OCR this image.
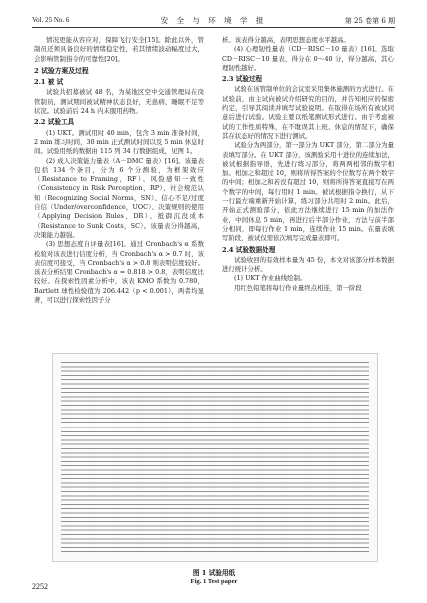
Vol. 25 No. 6	安 全 与 环 境 学 报	第 25 卷第 6 期

情况更能从容应对，保障飞行安全[15]。除此以外，管制员还须具备良好的情绪稳定性，若其情绪波动幅度过大，会影响管制指令的可靠性[20]。

2 试验方案及过程
2.1 被 试

试验共招募被试 48 名，为某地区空中交通管理局在岗管制员，测试期间被试精神状态良好，无患病、睡眠不足等状况。试验前后 24 h 内未服用药物。

2.2 试验工具

(1) UKT。测试用时 40 min，包含 3 min 准备时间，2 min 练习时间，30 min 正式测试时间以及 5 min 休息时间。试验用纸的数据由 115 列 34 行数据组成，见图 1。

(2) 成人决策能力量表（A－DMC 量表）[16]。该量表包括 134 个条目，分为 6 个分测验，为框架效应（Resistance to Framing，RF）、风险感知一致性（Consistency in Risk Perception，RP）、社会规范认知（Recognizing Social Norms，SN）、信心不足/过度自信（Under/overconfidence，UOC）、决策规则的使用（Applying Decision Rules，DR）、抵御沉没成本（Resistance to Sunk Costs，SC）。该量表分得越高，决策能力越强。

(3) 思想态度自评量表[16]。通过 Cronbach's α 系数检验对该表进行信度分析，当 Cronbach's α > 0.7 时，该表信度可接受，当 Cronbach's α > 0.8 则表明信度较好。该表分析结果 Cronbach's α = 0.818 > 0.8，表明信度比较好。在探索性因素分析中，该表 KMO 系数为 0.780，Bartlett 球性检验值为 206.442（p < 0.001），两者均显著，可以进行探索性因子分

析。该表得分越高，表明思想态度水平越高。

(4) 心理韧性量表（CD－RISC－10 量表）[16]。选取 CD－RISC－10 量表，得分在 0～40 分，得分越高，其心理韧性越好。

2.3 试验过程

试验在该管制单位的会议室采用集体施测的方式进行。在试验前，由主试向被试介绍研究的目的，并告知相应的保密约定，引导其阅读并填写试验说明。在取得在场所有被试同意后进行试验。试验主要以纸笔测试形式进行。由于考虑被试的工作性质特殊，在不耽误其上班、休息的情况下，确保其在状态好的情况下进行测试。

试验分为两部分，第一部分为 UKT 部分，第二部分为量表填写部分。在 UKT 部分，该测验采用十进位的连续加法，被试根据指导语，先进行练习部分，将两两相邻的数字相加。相加之和超过 10，则将所得答案的个位数写在两个数字的中间；相加之和若没有超过 10，则将所得答案直接写在两个数字的中间，每行用时 1 min。被试根据指令换行，从下一行最左端重新开始计算，练习部分共用时 2 min。此后，开始正式测验部分，依此方法继续进行 15 min 的加法作业，中间休息 5 min，再进行后半部分作业，方法与前半部分相同，即每行作业 1 min，连续作业 15 min。在量表填写阶段，被试仅需依次填写完成量表即可。

2.4 试验数据处理

试验收回的有效样本量为 45 份，本文对该部分样本数据进行统计分析。

(1) UKT 作业曲线绘制。

用红色铅笔将每行作业量终点相连，第一阶段

图 1 试验用纸
Fig. 1 Test paper
2252
